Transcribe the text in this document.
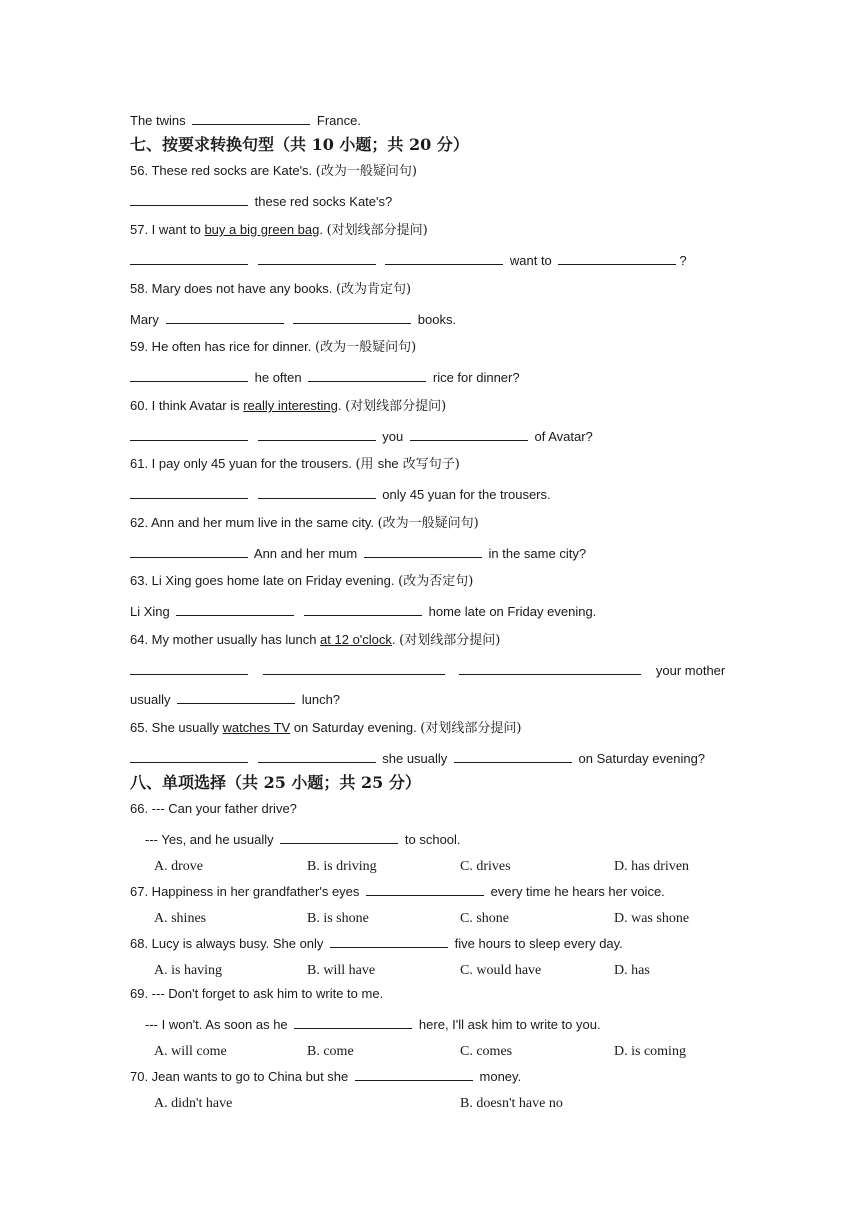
The twins	France.
七、按要求转换句型（共 10 小题；共 20 分）
56. These red socks are Kate's. (改为一般疑问句)
these red socks Kate's?
57. I want to buy a big green bag. (对划线部分提问)
want to	?
58. Mary does not have any books. (改为肯定句)
Mary	books.
59. He often has rice for dinner. (改为一般疑问句)
he often	rice for dinner?
60. I think Avatar is really interesting. (对划线部分提问)
you	of Avatar?
61. I pay only 45 yuan for the trousers. (用 she 改写句子)
only 45 yuan for the trousers.
62. Ann and her mum live in the same city. (改为一般疑问句)
Ann and her mum	in the same city?
63. Li Xing goes home late on Friday evening. (改为否定句)
Li Xing	home late on Friday evening.
64. My mother usually has lunch at 12 o'clock. (对划线部分提问)
your mother
usually	lunch?
65. She usually watches TV on Saturday evening. (对划线部分提问)
she usually	on Saturday evening?
八、单项选择（共 25 小题；共 25 分）
66. --- Can your father drive?
--- Yes, and he usually	to school.
A. drove	B. is driving	C. drives	D. has driven
67. Happiness in her grandfather's eyes	every time he hears her voice.
A. shines	B. is shone	C. shone	D. was shone
68. Lucy is always busy. She only	five hours to sleep every day.
A. is having	B. will have	C. would have	D. has
69. --- Don't forget to ask him to write to me.
--- I won't. As soon as he	here, I'll ask him to write to you.
A. will come	B. come	C. comes	D. is coming
70. Jean wants to go to China but she	money.
A. didn't have	B. doesn't have no
